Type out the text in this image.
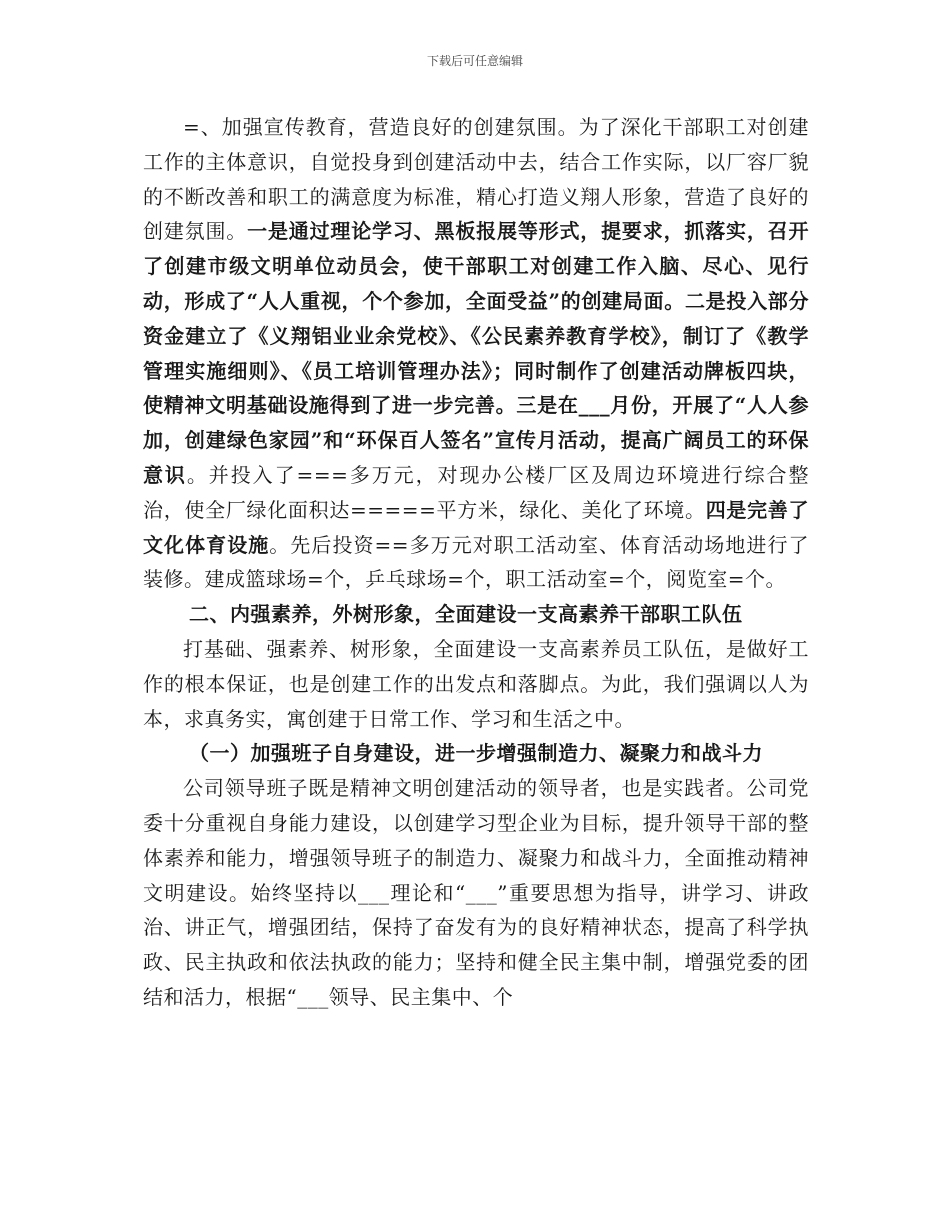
下载后可任意编辑

=、加强宣传教育，营造良好的创建氛围。为了深化干部职工对创建工作的主体意识，自觉投身到创建活动中去，结合工作实际，以厂容厂貌的不断改善和职工的满意度为标准，精心打造义翔人形象，营造了良好的创建氛围。一是通过理论学习、黑板报展等形式，提要求，抓落实，召开了创建市级文明单位动员会，使干部职工对创建工作入脑、尽心、见行动，形成了“人人重视，个个参加，全面受益”的创建局面。二是投入部分资金建立了《义翔铝业业余党校》、《公民素养教育学校》，制订了《教学管理实施细则》、《员工培训管理办法》；同时制作了创建活动牌板四块，使精神文明基础设施得到了进一步完善。三是在___月份，开展了“人人参加，创建绿色家园”和“环保百人签名”宣传月活动，提高广阔员工的环保意识。并投入了===多万元，对现办公楼厂区及周边环境进行综合整治，使全厂绿化面积达=====平方米，绿化、美化了环境。四是完善了文化体育设施。先后投资==多万元对职工活动室、体育活动场地进行了装修。建成篮球场=个，乒乓球场=个，职工活动室=个，阅览室=个。

二、内强素养，外树形象，全面建设一支高素养干部职工队伍

打基础、强素养、树形象，全面建设一支高素养员工队伍，是做好工作的根本保证，也是创建工作的出发点和落脚点。为此，我们强调以人为本，求真务实，寓创建于日常工作、学习和生活之中。

（一）加强班子自身建设，进一步增强制造力、凝聚力和战斗力

公司领导班子既是精神文明创建活动的领导者，也是实践者。公司党委十分重视自身能力建设，以创建学习型企业为目标，提升领导干部的整体素养和能力，增强领导班子的制造力、凝聚力和战斗力，全面推动精神文明建设。始终坚持以___理论和“___”重要思想为指导，讲学习、讲政治、讲正气，增强团结，保持了奋发有为的良好精神状态，提高了科学执政、民主执政和依法执政的能力；坚持和健全民主集中制，增强党委的团结和活力，根据“___领导、民主集中、个
